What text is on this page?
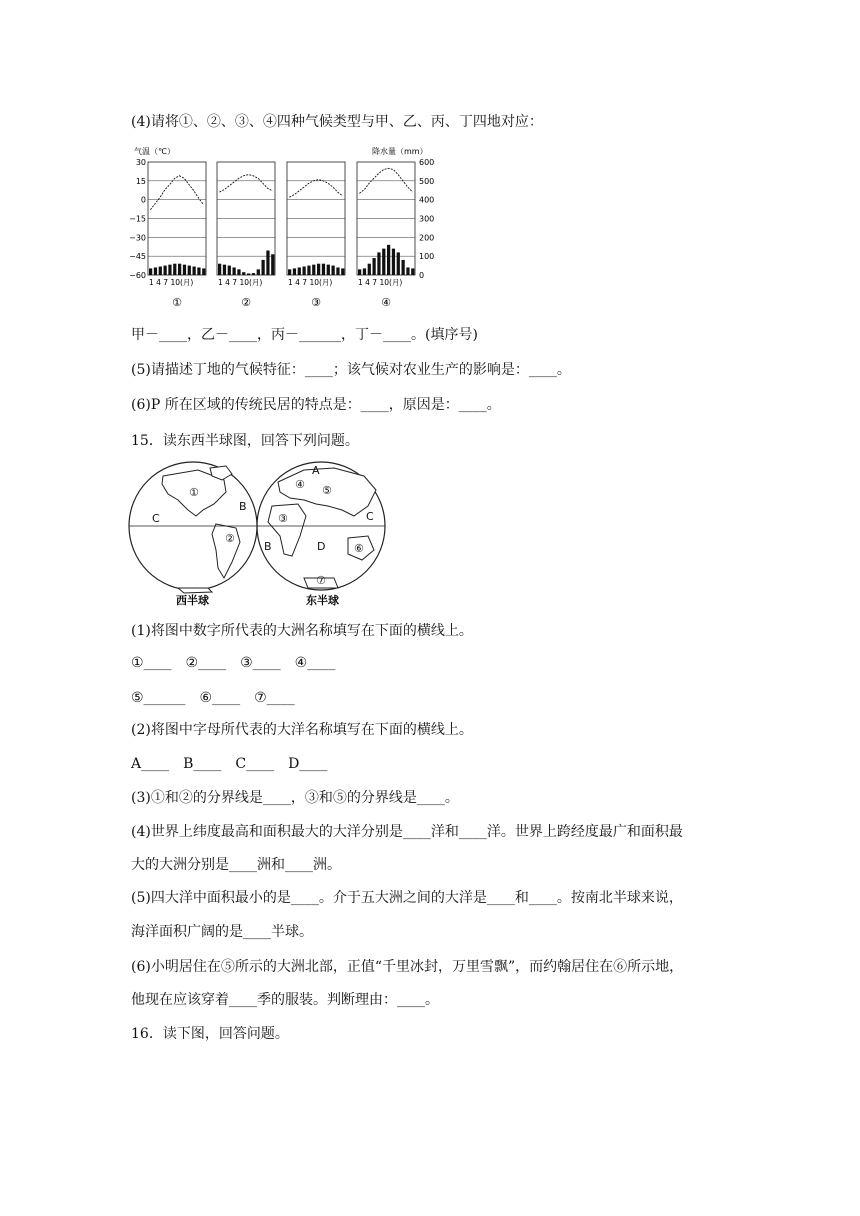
(4)请将①、②、③、④四种气候类型与甲、乙、丙、丁四地对应：
气温（℃）	降水量（mm）
30
15
0
−15
−30
−45
−60
600
500
400
300
200
100
0
1 4 7 10(月)	1 4 7 10(月)	1 4 7 10(月)	1 4 7 10(月)
①	②	③	④
甲－____，乙－____，丙－______，丁－____。(填序号)
(5)请描述丁地的气候特征：____；该气候对农业生产的影响是：____。
(6)P 所在区域的传统民居的特点是：____，原因是：____。
15．读东西半球图，回答下列问题。
①
B
C
②
A
④ ⑤
③	C
B	D	⑥
⑦
西半球	东半球
(1)将图中数字所代表的大洲名称填写在下面的横线上。
①____　②____　③____　④____
⑤______　⑥____　⑦____
(2)将图中字母所代表的大洋名称填写在下面的横线上。
A____　B____　C____　D____
(3)①和②的分界线是____，③和⑤的分界线是____。
(4)世界上纬度最高和面积最大的大洋分别是____洋和____洋。世界上跨经度最广和面积最
大的大洲分别是____洲和____洲。
(5)四大洋中面积最小的是____。介于五大洲之间的大洋是____和____。按南北半球来说，
海洋面积广阔的是____半球。
(6)小明居住在⑤所示的大洲北部，正值“千里冰封，万里雪飘”，而约翰居住在⑥所示地，
他现在应该穿着____季的服装。判断理由：____。
16．读下图，回答问题。
